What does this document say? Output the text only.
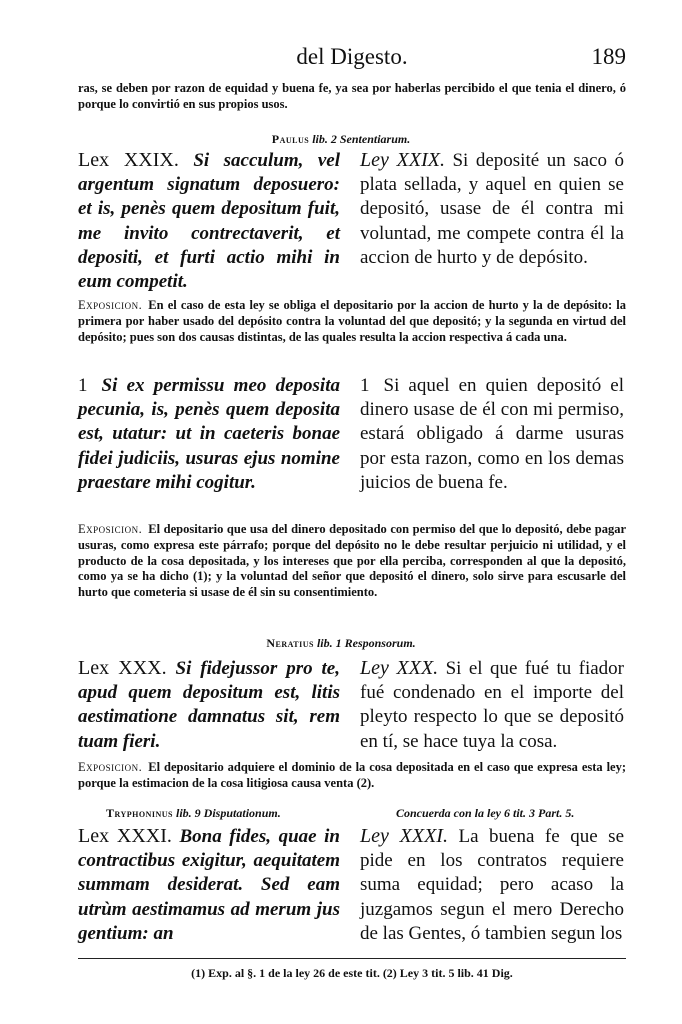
del Digesto.	189
ras, se deben por razon de equidad y buena fe, ya sea por haberlas percibido el que tenia el dinero, ó porque lo convirtió en sus propios usos.
Paulus lib. 2 Sententiarum.
Lex XXIX. Si sacculum, vel argentum signatum deposuero: et is, penès quem depositum fuit, me invito contrectaverit, et depositi, et furti actio mihi in eum competit.
Ley XXIX. Si deposité un saco ó plata sellada, y aquel en quien se depositó, usase de él contra mi voluntad, me compete contra él la accion de hurto y de depósito.
Exposicion. En el caso de esta ley se obliga el depositario por la accion de hurto y la de depósito: la primera por haber usado del depósito contra la voluntad del que depositó; y la segunda en virtud del depósito; pues son dos causas distintas, de las quales resulta la accion respectiva á cada una.
1 Si ex permissu meo deposita pecunia, is, penès quem deposita est, utatur: ut in caeteris bonae fidei judiciis, usuras ejus nomine praestare mihi cogitur.
1 Si aquel en quien depositó el dinero usase de él con mi permiso, estará obligado á darme usuras por esta razon, como en los demas juicios de buena fe.
Exposicion. El depositario que usa del dinero depositado con permiso del que lo depositó, debe pagar usuras, como expresa este párrafo; porque del depósito no le debe resultar perjuicio ni utilidad, y el producto de la cosa depositada, y los intereses que por ella perciba, corresponden al que la depositó, como ya se ha dicho (1); y la voluntad del señor que depositó el dinero, solo sirve para escusarle del hurto que cometeria si usase de él sin su consentimiento.
Neratius lib. 1 Responsorum.
Lex XXX. Si fidejussor pro te, apud quem depositum est, litis aestimatione damnatus sit, rem tuam fieri.
Ley XXX. Si el que fué tu fiador fué condenado en el importe del pleyto respecto lo que se depositó en tí, se hace tuya la cosa.
Exposicion. El depositario adquiere el dominio de la cosa depositada en el caso que expresa esta ley; porque la estimacion de la cosa litigiosa causa venta (2).
Tryphoninus lib. 9 Disputationum.	Concuerda con la ley 6 tit. 3 Part. 5.
Lex XXXI. Bona fides, quae in contractibus exigitur, aequitatem summam desiderat. Sed eam utrùm aestimamus ad merum jus gentium: an
Ley XXXI. La buena fe que se pide en los contratos requiere suma equidad; pero acaso la juzgamos segun el mero Derecho de las Gentes, ó tambien segun los
(1) Exp. al §. 1 de la ley 26 de este tit. (2) Ley 3 tit. 5 lib. 41 Dig.
